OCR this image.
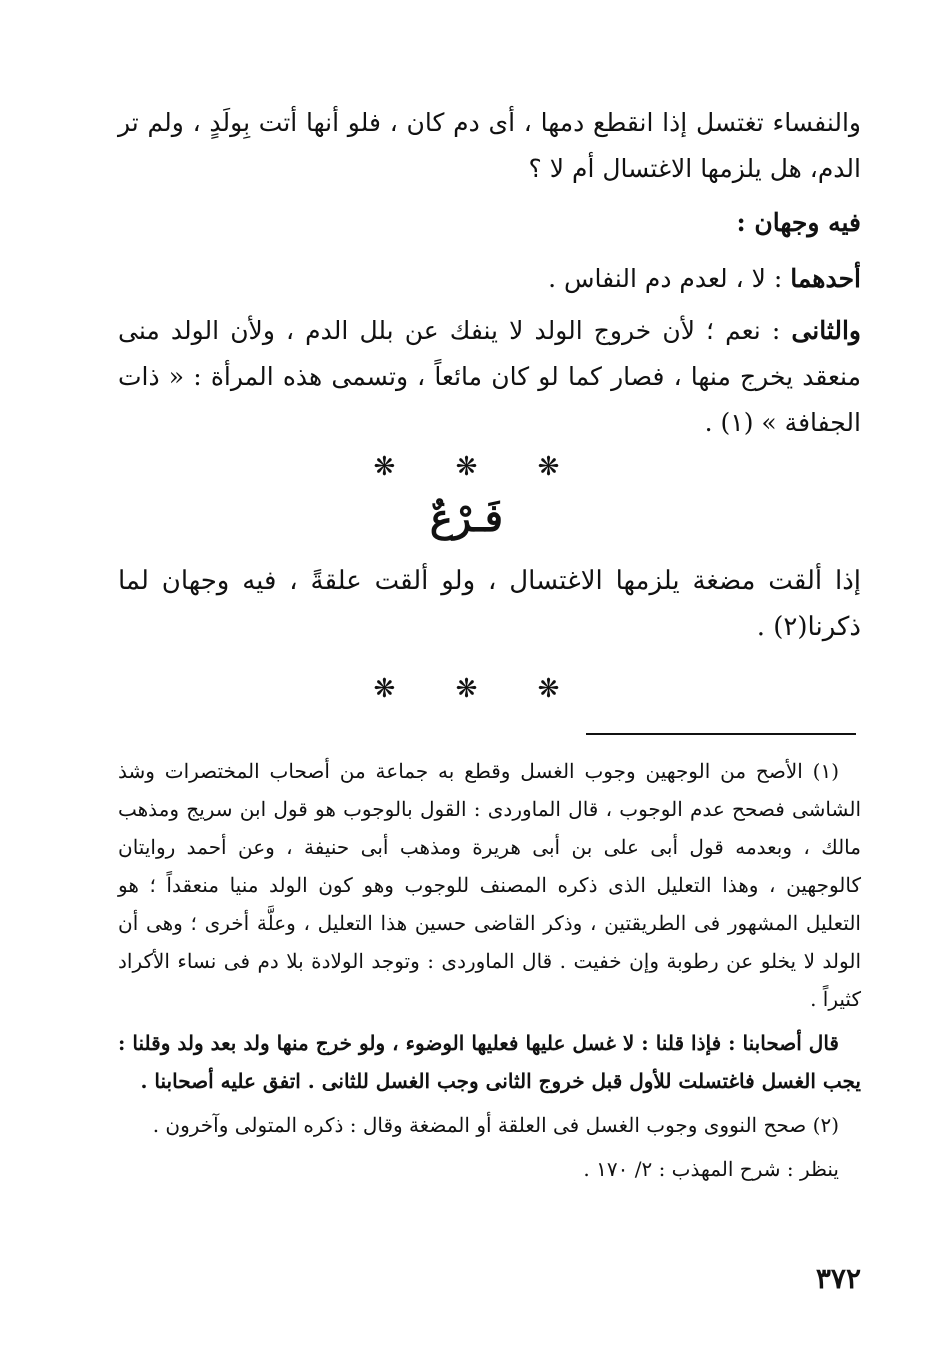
والنفساء تغتسل إذا انقطع دمها ، أى دم كان ، فلو أنها أتت بِولَدٍ ، ولم تر الدم، هل يلزمها الاغتسال أم لا ؟

فيه وجهان :

أحدهما : لا ، لعدم دم النفاس .

والثانى : نعم ؛ لأن خروج الولد لا ينفك عن بلل الدم ، ولأن الولد منى منعقد يخرج منها ، فصار كما لو كان مائعاً ، وتسمى هذه المرأة : « ذات الجفافة » (١) .

❋ ❋ ❋
فَـرْعٌ

إذا ألقت مضغة يلزمها الاغتسال ، ولو ألقت علقةً ، فيه وجهان لما ذكرنا(٢) .

❋ ❋ ❋

(١) الأصح من الوجهين وجوب الغسل وقطع به جماعة من أصحاب المختصرات وشذ الشاشى فصحح عدم الوجوب ، قال الماوردى : القول بالوجوب هو قول ابن سريج ومذهب مالك ، وبعدمه قول أبى على بن أبى هريرة ومذهب أبى حنيفة ، وعن أحمد روايتان كالوجهين ، وهذا التعليل الذى ذكره المصنف للوجوب وهو كون الولد منيا منعقداً ؛ هو التعليل المشهور فى الطريقتين ، وذكر القاضى حسين هذا التعليل ، وعلَّة أخرى ؛ وهى أن الولد لا يخلو عن رطوبة وإن خفيت . قال الماوردى : وتوجد الولادة بلا دم فى نساء الأكراد كثيراً .

قال أصحابنا : فإذا قلنا : لا غسل عليها فعليها الوضوء ، ولو خرج منها ولد بعد ولد وقلنا : يجب الغسل فاغتسلت للأول قبل خروج الثانى وجب الغسل للثانى . اتفق عليه أصحابنا .

(٢) صحح النووى وجوب الغسل فى العلقة أو المضغة وقال : ذكره المتولى وآخرون .

ينظر : شرح المهذب : ٢/ ١٧٠ .

٣٧٢
